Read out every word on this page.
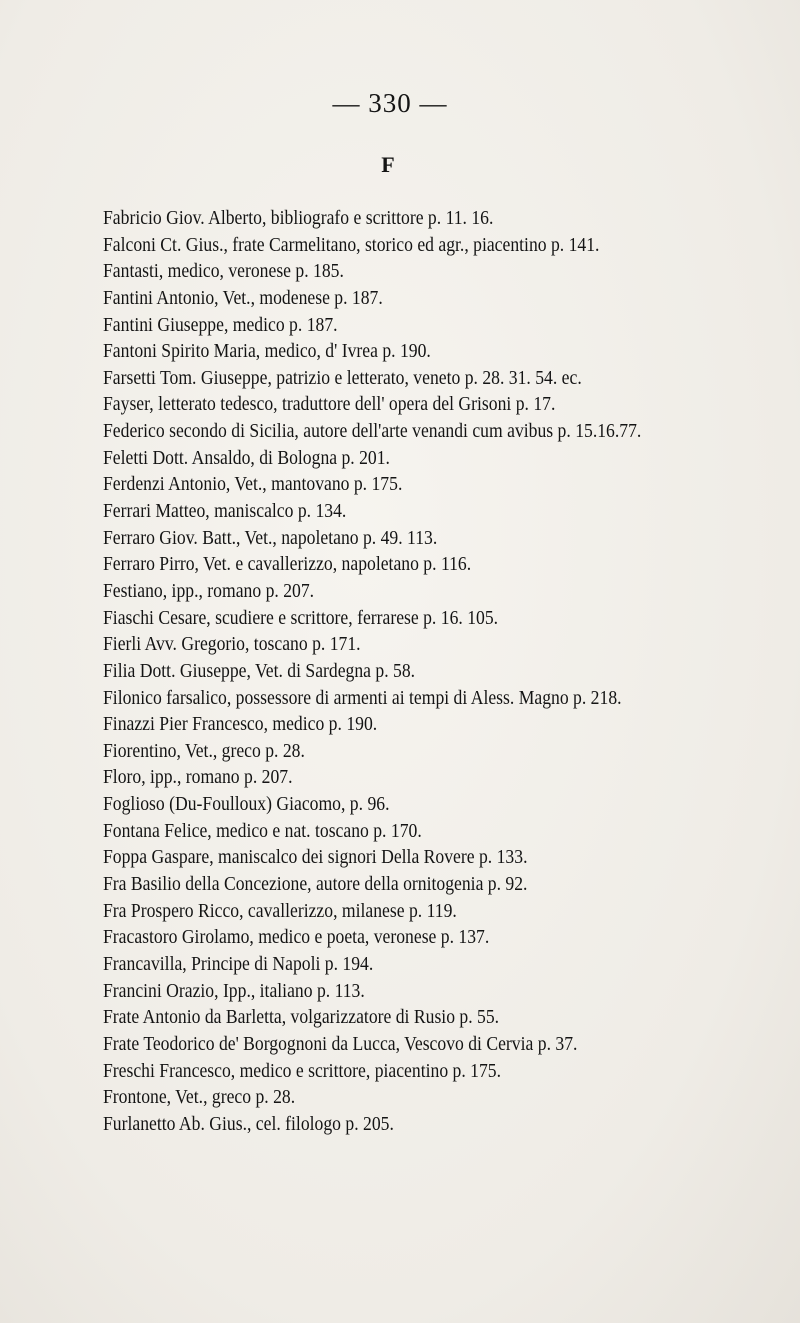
— 330 —
F
Fabricio Giov. Alberto, bibliografo e scrittore p. 11. 16.
Falconi Ct. Gius., frate Carmelitano, storico ed agr., piacentino p. 141.
Fantasti, medico, veronese p. 185.
Fantini Antonio, Vet., modenese p. 187.
Fantini Giuseppe, medico p. 187.
Fantoni Spirito Maria, medico, d' Ivrea p. 190.
Farsetti Tom. Giuseppe, patrizio e letterato, veneto p. 28. 31. 54. ec.
Fayser, letterato tedesco, traduttore dell' opera del Grisoni p. 17.
Federico secondo di Sicilia, autore dell'arte venandi cum avibus p. 15.16.77.
Feletti Dott. Ansaldo, di Bologna p. 201.
Ferdenzi Antonio, Vet., mantovano p. 175.
Ferrari Matteo, maniscalco p. 134.
Ferraro Giov. Batt., Vet., napoletano p. 49. 113.
Ferraro Pirro, Vet. e cavallerizzo, napoletano p. 116.
Festiano, ipp., romano p. 207.
Fiaschi Cesare, scudiere e scrittore, ferrarese p. 16. 105.
Fierli Avv. Gregorio, toscano p. 171.
Filia Dott. Giuseppe, Vet. di Sardegna p. 58.
Filonico farsalico, possessore di armenti ai tempi di Aless. Magno p. 218.
Finazzi Pier Francesco, medico p. 190.
Fiorentino, Vet., greco p. 28.
Floro, ipp., romano p. 207.
Foglioso (Du-Foulloux) Giacomo, p. 96.
Fontana Felice, medico e nat. toscano p. 170.
Foppa Gaspare, maniscalco dei signori Della Rovere p. 133.
Fra Basilio della Concezione, autore della ornitogenia p. 92.
Fra Prospero Ricco, cavallerizzo, milanese p. 119.
Fracastoro Girolamo, medico e poeta, veronese p. 137.
Francavilla, Principe di Napoli p. 194.
Francini Orazio, Ipp., italiano p. 113.
Frate Antonio da Barletta, volgarizzatore di Rusio p. 55.
Frate Teodorico de' Borgognoni da Lucca, Vescovo di Cervia p. 37.
Freschi Francesco, medico e scrittore, piacentino p. 175.
Frontone, Vet., greco p. 28.
Furlanetto Ab. Gius., cel. filologo p. 205.
